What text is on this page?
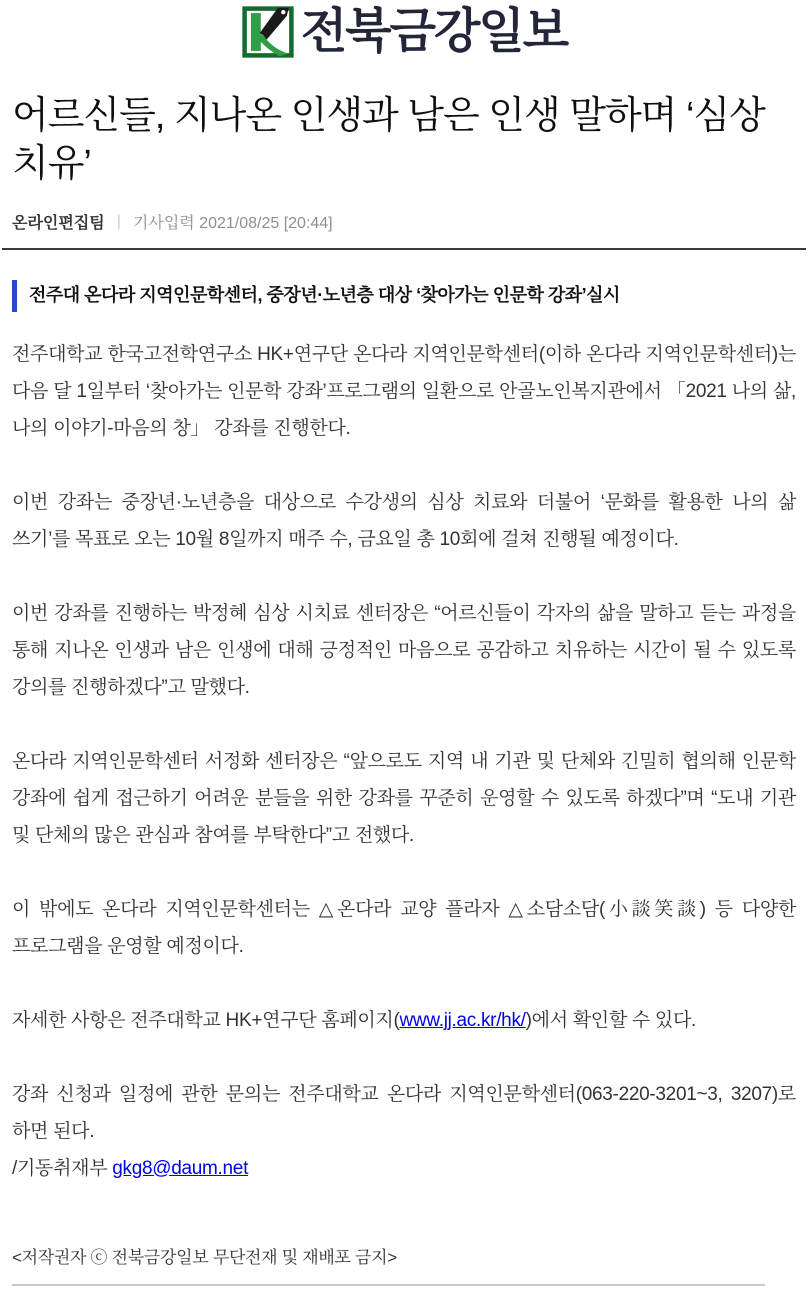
전북금강일보
어르신들, 지나온 인생과 남은 인생 말하며 ‘심상 치유’
온라인편집팀 | 기사입력 2021/08/25 [20:44]
전주대 온다라 지역인문학센터, 중장년·노년층 대상 ‘찾아가는 인문학 강좌’실시

전주대학교 한국고전학연구소 HK+연구단 온다라 지역인문학센터(이하 온다라 지역인문학센터)는 다음 달 1일부터 ‘찾아가는 인문학 강좌’프로그램의 일환으로 안골노인복지관에서 「2021 나의 삶, 나의 이야기-마음의 창」 강좌를 진행한다.

이번 강좌는 중장년·노년층을 대상으로 수강생의 심상 치료와 더불어 ‘문화를 활용한 나의 삶 쓰기’를 목표로 오는 10월 8일까지 매주 수, 금요일 총 10회에 걸쳐 진행될 예정이다.

이번 강좌를 진행하는 박정혜 심상 시치료 센터장은 “어르신들이 각자의 삶을 말하고 듣는 과정을 통해 지나온 인생과 남은 인생에 대해 긍정적인 마음으로 공감하고 치유하는 시간이 될 수 있도록 강의를 진행하겠다”고 말했다.

온다라 지역인문학센터 서정화 센터장은 “앞으로도 지역 내 기관 및 단체와 긴밀히 협의해 인문학 강좌에 쉽게 접근하기 어려운 분들을 위한 강좌를 꾸준히 운영할 수 있도록 하겠다”며 “도내 기관 및 단체의 많은 관심과 참여를 부탁한다”고 전했다.

이 밖에도 온다라 지역인문학센터는 △온다라 교양 플라자 △소담소담(小談笑談) 등 다양한 프로그램을 운영할 예정이다.

자세한 사항은 전주대학교 HK+연구단 홈페이지(www.jj.ac.kr/hk/)에서 확인할 수 있다.

강좌 신청과 일정에 관한 문의는 전주대학교 온다라 지역인문학센터(063-220-3201~3, 3207)로 하면 된다.
/기동취재부 gkg8@daum.net

<저작권자 ⓒ 전북금강일보 무단전재 및 재배포 금지>
